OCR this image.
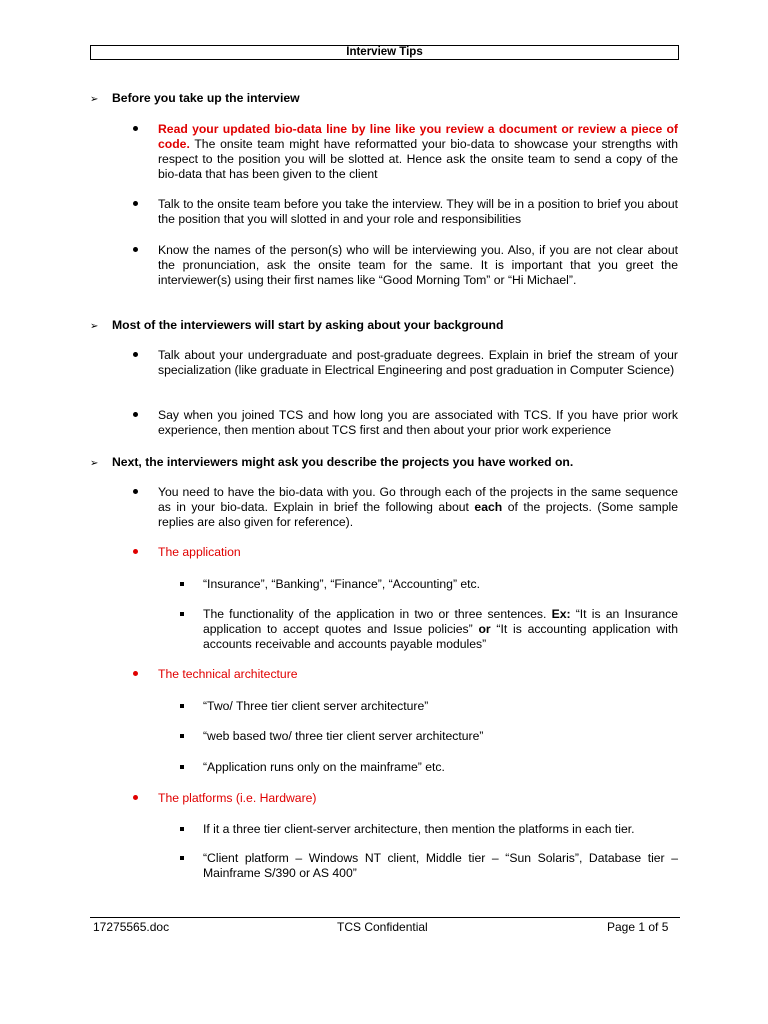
Interview Tips
➢ Before you take up the interview
Read your updated bio-data line by line like you review a document or review a piece of code. The onsite team might have reformatted your bio-data to showcase your strengths with respect to the position you will be slotted at. Hence ask the onsite team to send a copy of the bio-data that has been given to the client
Talk to the onsite team before you take the interview. They will be in a position to brief you about the position that you will slotted in and your role and responsibilities
Know the names of the person(s) who will be interviewing you. Also, if you are not clear about the pronunciation, ask the onsite team for the same. It is important that you greet the interviewer(s) using their first names like “Good Morning Tom” or “Hi Michael”.
➢ Most of the interviewers will start by asking about your background
Talk about your undergraduate and post-graduate degrees. Explain in brief the stream of your specialization (like graduate in Electrical Engineering and post graduation in Computer Science)
Say when you joined TCS and how long you are associated with TCS. If you have prior work experience, then mention about TCS first and then about your prior work experience
➢ Next, the interviewers might ask you describe the projects you have worked on.
You need to have the bio-data with you. Go through each of the projects in the same sequence as in your bio-data. Explain in brief the following about each of the projects. (Some sample replies are also given for reference).
The application
“Insurance”, “Banking”, “Finance”, “Accounting” etc.
The functionality of the application in two or three sentences. Ex: “It is an Insurance application to accept quotes and Issue policies” or “It is accounting application with accounts receivable and accounts payable modules”
The technical architecture
“Two/ Three tier client server architecture”
“web based two/ three tier client server architecture”
“Application runs only on the mainframe” etc.
The platforms (i.e. Hardware)
If it a three tier client-server architecture, then mention the platforms in each tier.
“Client platform – Windows NT client, Middle tier – “Sun Solaris”, Database tier – Mainframe S/390 or AS 400”
17275565.doc	TCS Confidential	Page 1 of 5
